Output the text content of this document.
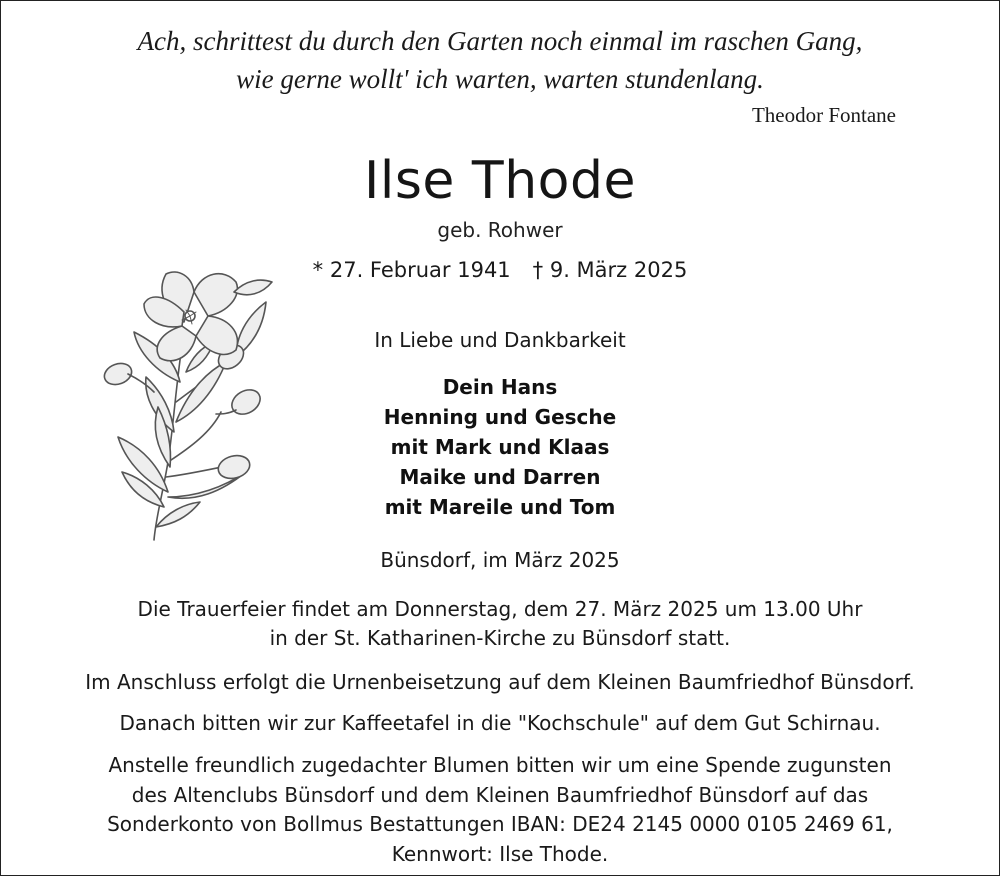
Ach, schrittest du durch den Garten noch einmal im raschen Gang,
wie gerne wollt' ich warten, warten stundenlang.
Theodor Fontane
Ilse Thode
geb. Rohwer
* 27. Februar 1941 † 9. März 2025
In Liebe und Dankbarkeit
Dein Hans
Henning und Gesche
mit Mark und Klaas
Maike und Darren
mit Mareile und Tom
Bünsdorf, im März 2025
Die Trauerfeier findet am Donnerstag, dem 27. März 2025 um 13.00 Uhr
in der St. Katharinen-Kirche zu Bünsdorf statt.
Im Anschluss erfolgt die Urnenbeisetzung auf dem Kleinen Baumfriedhof Bünsdorf.
Danach bitten wir zur Kaffeetafel in die "Kochschule" auf dem Gut Schirnau.
Anstelle freundlich zugedachter Blumen bitten wir um eine Spende zugunsten
des Altenclubs Bünsdorf und dem Kleinen Baumfriedhof Bünsdorf auf das
Sonderkonto von Bollmus Bestattungen IBAN: DE24 2145 0000 0105 2469 61,
Kennwort: Ilse Thode.
